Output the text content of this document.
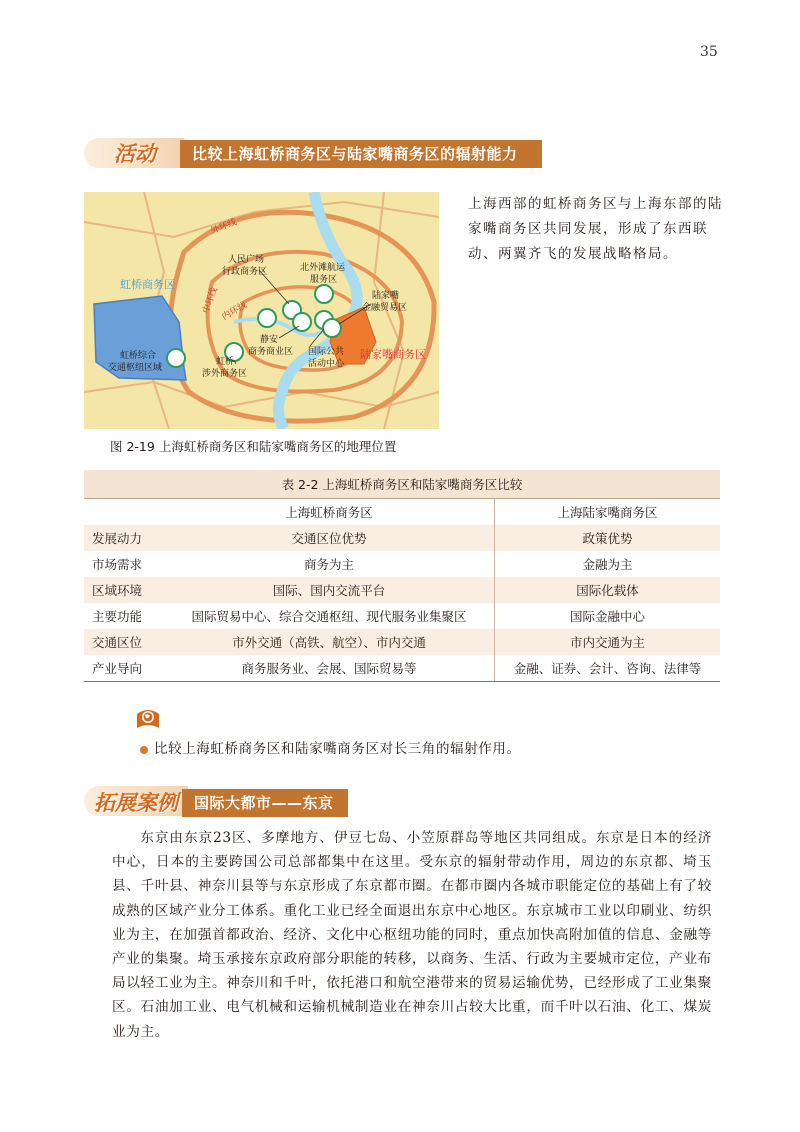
35
活动	比较上海虹桥商务区与陆家嘴商务区的辐射能力
外环线
中环线 内环线
虹桥商务区
陆家嘴商务区
人民广场
行政商务区	北外滩航运
服务区
陆家嘴
金融贸易区
静安
商务商业区 国际公共
活动中心
虹桥
涉外商务区
虹桥综合
交通枢纽区域
图 2-19 上海虹桥商务区和陆家嘴商务区的地理位置
上海西部的虹桥商务区与上海东部的陆家嘴商务区共同发展，形成了东西联动、两翼齐飞的发展战略格局。
表 2-2 上海虹桥商务区和陆家嘴商务区比较		
	上海虹桥商务区	上海陆家嘴商务区
发展动力	交通区位优势	政策优势
市场需求	商务为主	金融为主
区域环境	国际、国内交流平台	国际化载体
主要功能	国际贸易中心、综合交通枢纽、现代服务业集聚区	国际金融中心
交通区位	市外交通（高铁、航空）、市内交通	市内交通为主
产业导向	商务服务业、会展、国际贸易等	金融、证券、会计、咨询、法律等
比较上海虹桥商务区和陆家嘴商务区对长三角的辐射作用。
拓展案例	国际大都市——东京
东京由东京23区、多摩地方、伊豆七岛、小笠原群岛等地区共同组成。东京是日本的经济中心，日本的主要跨国公司总部都集中在这里。受东京的辐射带动作用，周边的东京都、埼玉县、千叶县、神奈川县等与东京形成了东京都市圈。在都市圈内各城市职能定位的基础上有了较成熟的区域产业分工体系。重化工业已经全面退出东京中心地区。东京城市工业以印刷业、纺织业为主，在加强首都政治、经济、文化中心枢纽功能的同时，重点加快高附加值的信息、金融等产业的集聚。埼玉承接东京政府部分职能的转移，以商务、生活、行政为主要城市定位，产业布局以轻工业为主。神奈川和千叶，依托港口和航空港带来的贸易运输优势，已经形成了工业集聚区。石油加工业、电气机械和运输机械制造业在神奈川占较大比重，而千叶以石油、化工、煤炭业为主。
